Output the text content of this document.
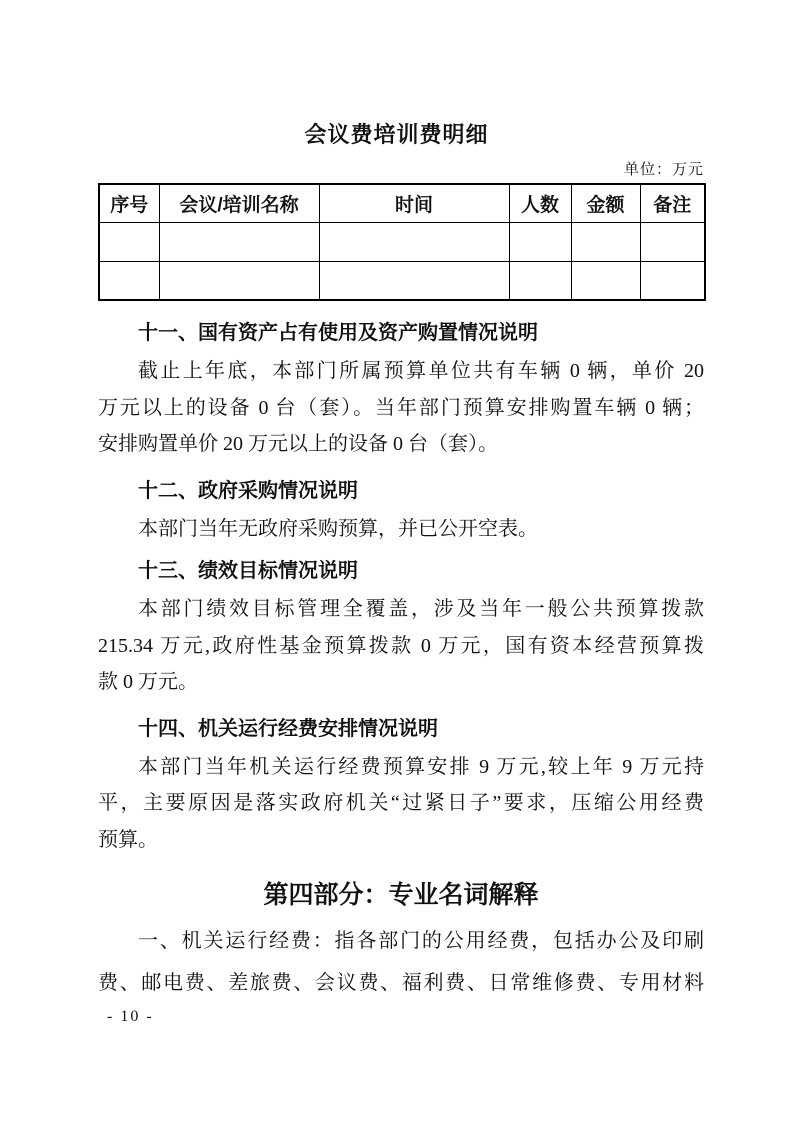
会议费培训费明细
单位：万元
序号	会议/培训名称	时间	人数	金额	备注

十一、国有资产占有使用及资产购置情况说明
截止上年底，本部门所属预算单位共有车辆 0 辆，单价 20
万元以上的设备 0 台（套）。当年部门预算安排购置车辆 0 辆；
安排购置单价 20 万元以上的设备 0 台（套）。
十二、政府采购情况说明
本部门当年无政府采购预算，并已公开空表。
十三、绩效目标情况说明
本部门绩效目标管理全覆盖，涉及当年一般公共预算拨款
215.34 万元,政府性基金预算拨款 0 万元，国有资本经营预算拨
款 0 万元。
十四、机关运行经费安排情况说明
本部门当年机关运行经费预算安排 9 万元,较上年 9 万元持
平，主要原因是落实政府机关“过紧日子”要求，压缩公用经费
预算。
第四部分：专业名词解释
一、机关运行经费：指各部门的公用经费，包括办公及印刷
费、邮电费、差旅费、会议费、福利费、日常维修费、专用材料
- 10 -
